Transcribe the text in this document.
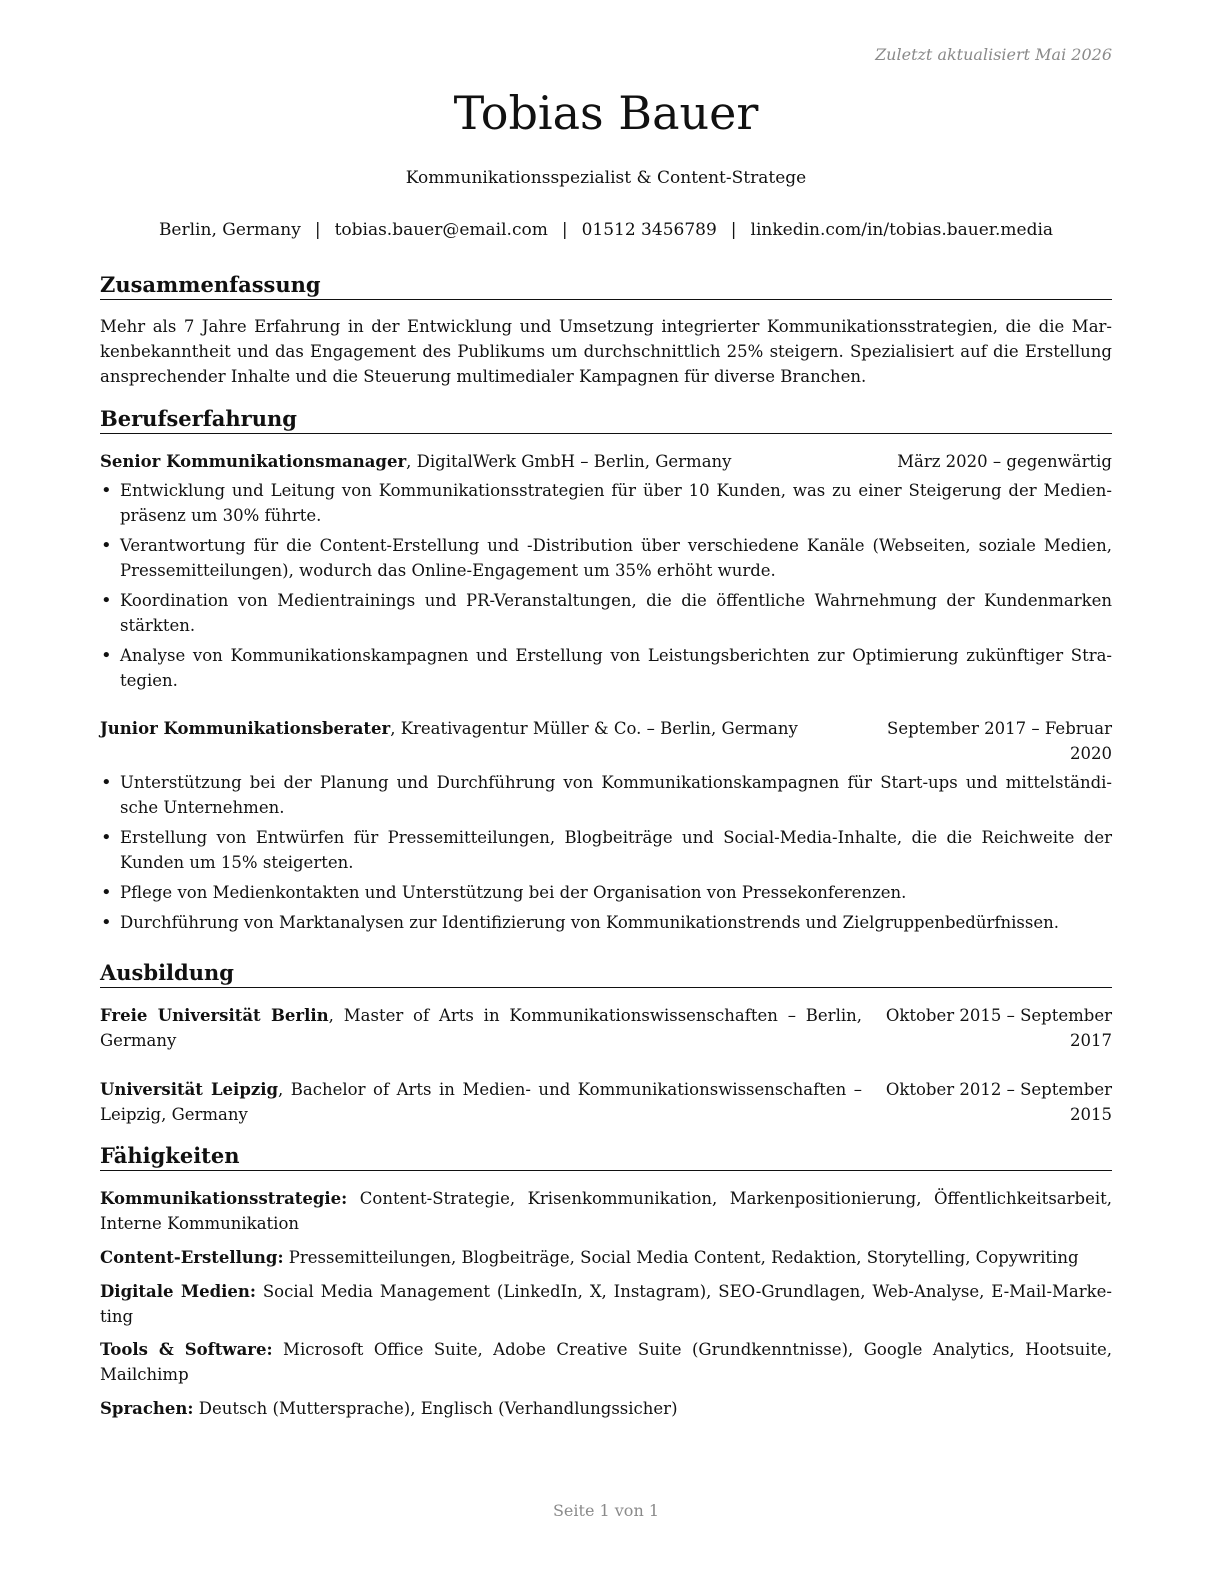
Zuletzt aktualisiert Mai 2026
Tobias Bauer
Kommunikationsspezialist & Content-Stratege
Berlin, Germany | tobias.bauer@email.com | 01512 3456789 | linkedin.com/in/tobias.bauer.media
Zusammenfassung

Mehr als 7 Jahre Erfahrung in der Entwicklung und Umsetzung integrierter Kommunikationsstrategien, die die Markenbekanntheit und das Engagement des Publikums um durchschnittlich 25% steigern. Spezialisiert auf die Erstellung ansprechender Inhalte und die Steuerung multimedialer Kampagnen für diverse Branchen.

Berufserfahrung
Senior Kommunikationsmanager, DigitalWerk GmbH – Berlin, Germany	März 2020 – gegenwärtig
• Entwicklung und Leitung von Kommunikationsstrategien für über 10 Kunden, was zu einer Steigerung der Medienpräsenz um 30% führte.
• Verantwortung für die Content-Erstellung und -Distribution über verschiedene Kanäle (Webseiten, soziale Medien, Pressemitteilungen), wodurch das Online-Engagement um 35% erhöht wurde.
• Koordination von Medientrainings und PR-Veranstaltungen, die die öffentliche Wahrnehmung der Kundenmarken stärkten.
• Analyse von Kommunikationskampagnen und Erstellung von Leistungsberichten zur Optimierung zukünftiger Strategien.
Junior Kommunikationsberater, Kreativagentur Müller & Co. – Berlin, Germany	September 2017 – Februar 2020
• Unterstützung bei der Planung und Durchführung von Kommunikationskampagnen für Start-ups und mittelständische Unternehmen.
• Erstellung von Entwürfen für Pressemitteilungen, Blogbeiträge und Social-Media-Inhalte, die die Reichweite der Kunden um 15% steigerten.
• Pflege von Medienkontakten und Unterstützung bei der Organisation von Pressekonferenzen.
• Durchführung von Marktanalysen zur Identifizierung von Kommunikationstrends und Zielgruppenbedürfnissen.
Ausbildung
Freie Universität Berlin, Master of Arts in Kommunikationswissenschaften – Berlin, Germany
Oktober 2015 – September 2017
Universität Leipzig, Bachelor of Arts in Medien- und Kommunikationswissenschaften – Leipzig, Germany
Oktober 2012 – September 2015
Fähigkeiten
Kommunikationsstrategie: Content-Strategie, Krisenkommunikation, Markenpositionierung, Öffentlichkeitsarbeit, Interne Kommunikation
Content-Erstellung: Pressemitteilungen, Blogbeiträge, Social Media Content, Redaktion, Storytelling, Copywriting
Digitale Medien: Social Media Management (LinkedIn, X, Instagram), SEO-Grundlagen, Web-Analyse, E-Mail-Marketing
Tools & Software: Microsoft Office Suite, Adobe Creative Suite (Grundkenntnisse), Google Analytics, Hootsuite, Mailchimp
Sprachen: Deutsch (Muttersprache), Englisch (Verhandlungssicher)
Seite 1 von 1
